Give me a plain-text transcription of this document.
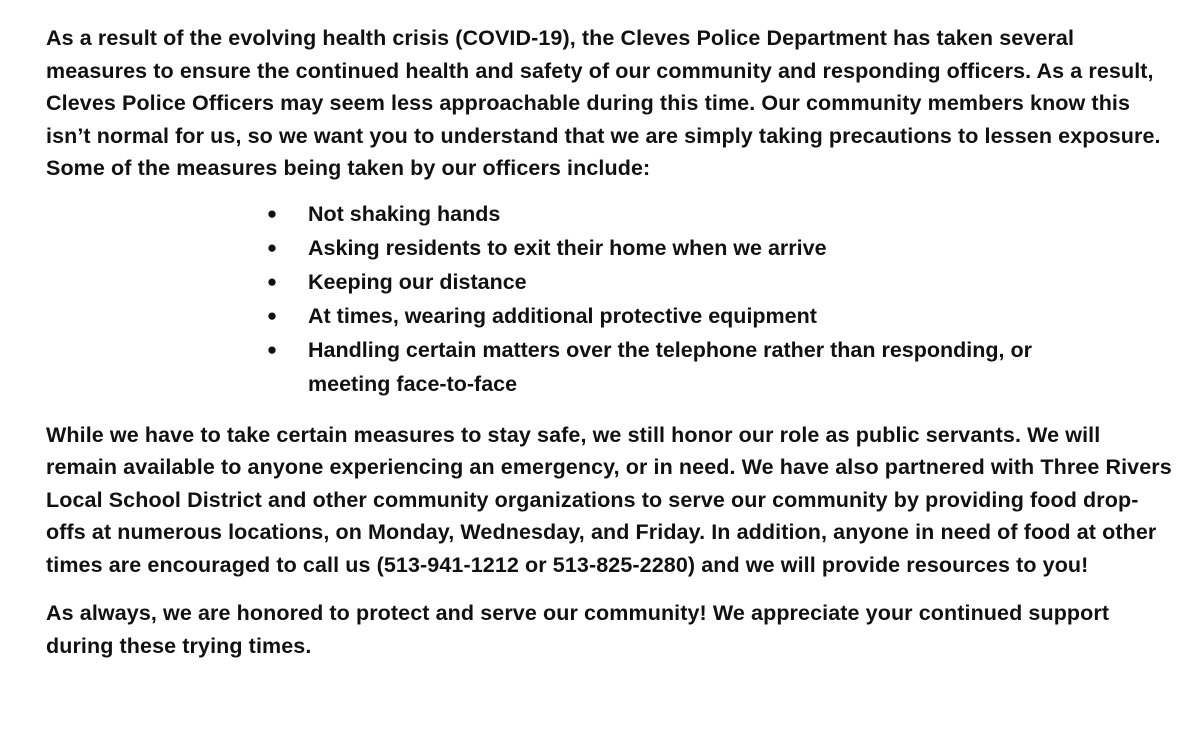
As a result of the evolving health crisis (COVID-19), the Cleves Police Department has taken several measures to ensure the continued health and safety of our community and responding officers. As a result, Cleves Police Officers may seem less approachable during this time. Our community members know this isn’t normal for us, so we want you to understand that we are simply taking precautions to lessen exposure. Some of the measures being taken by our officers include:

● Not shaking hands
● Asking residents to exit their home when we arrive
● Keeping our distance
● At times, wearing additional protective equipment
● Handling certain matters over the telephone rather than responding, or meeting face-to-face

While we have to take certain measures to stay safe, we still honor our role as public servants. We will remain available to anyone experiencing an emergency, or in need. We have also partnered with Three Rivers Local School District and other community organizations to serve our community by providing food drop-offs at numerous locations, on Monday, Wednesday, and Friday. In addition, anyone in need of food at other times are encouraged to call us (513-941-1212 or 513-825-2280) and we will provide resources to you!

As always, we are honored to protect and serve our community! We appreciate your continued support during these trying times.
